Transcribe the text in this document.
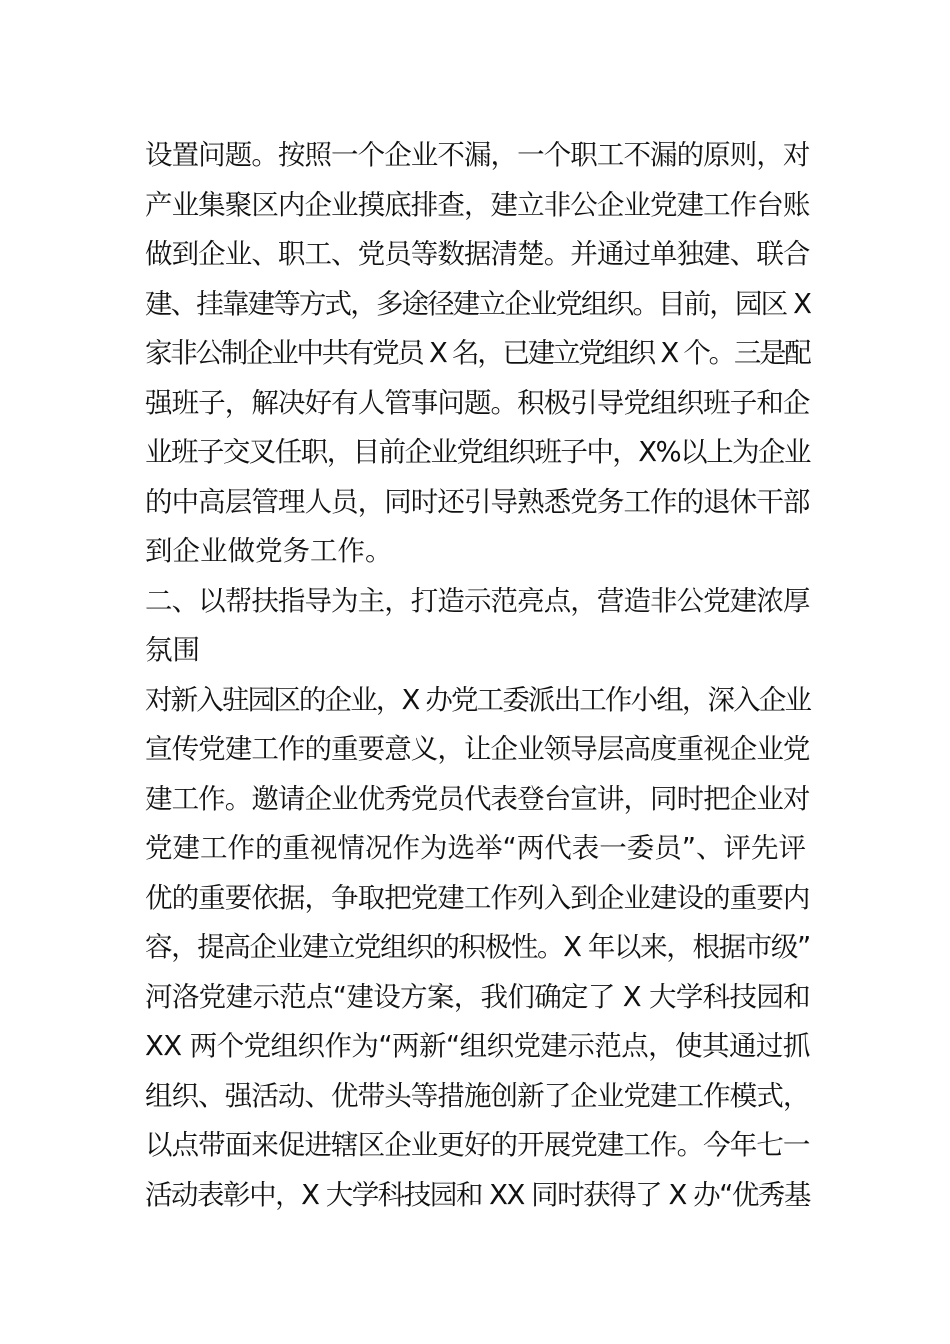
设置问题。按照一个企业不漏，一个职工不漏的原则，对
产业集聚区内企业摸底排查，建立非公企业党建工作台账
做到企业、职工、党员等数据清楚。并通过单独建、联合
建、挂靠建等方式，多途径建立企业党组织。目前，园区 X
家非公制企业中共有党员 X 名，已建立党组织 X 个。三是配
强班子，解决好有人管事问题。积极引导党组织班子和企
业班子交叉任职，目前企业党组织班子中，X%以上为企业
的中高层管理人员，同时还引导熟悉党务工作的退休干部
到企业做党务工作。
二、以帮扶指导为主，打造示范亮点，营造非公党建浓厚
氛围
对新入驻园区的企业，X 办党工委派出工作小组，深入企业
宣传党建工作的重要意义，让企业领导层高度重视企业党
建工作。邀请企业优秀党员代表登台宣讲，同时把企业对
党建工作的重视情况作为选举“两代表一委员”、评先评
优的重要依据，争取把党建工作列入到企业建设的重要内
容，提高企业建立党组织的积极性。X 年以来，根据市级”
河洛党建示范点“建设方案，我们确定了 X 大学科技园和
XX 两个党组织作为“两新“组织党建示范点，使其通过抓
组织、强活动、优带头等措施创新了企业党建工作模式，
以点带面来促进辖区企业更好的开展党建工作。今年七一
活动表彰中，X 大学科技园和 XX 同时获得了 X 办“优秀基
